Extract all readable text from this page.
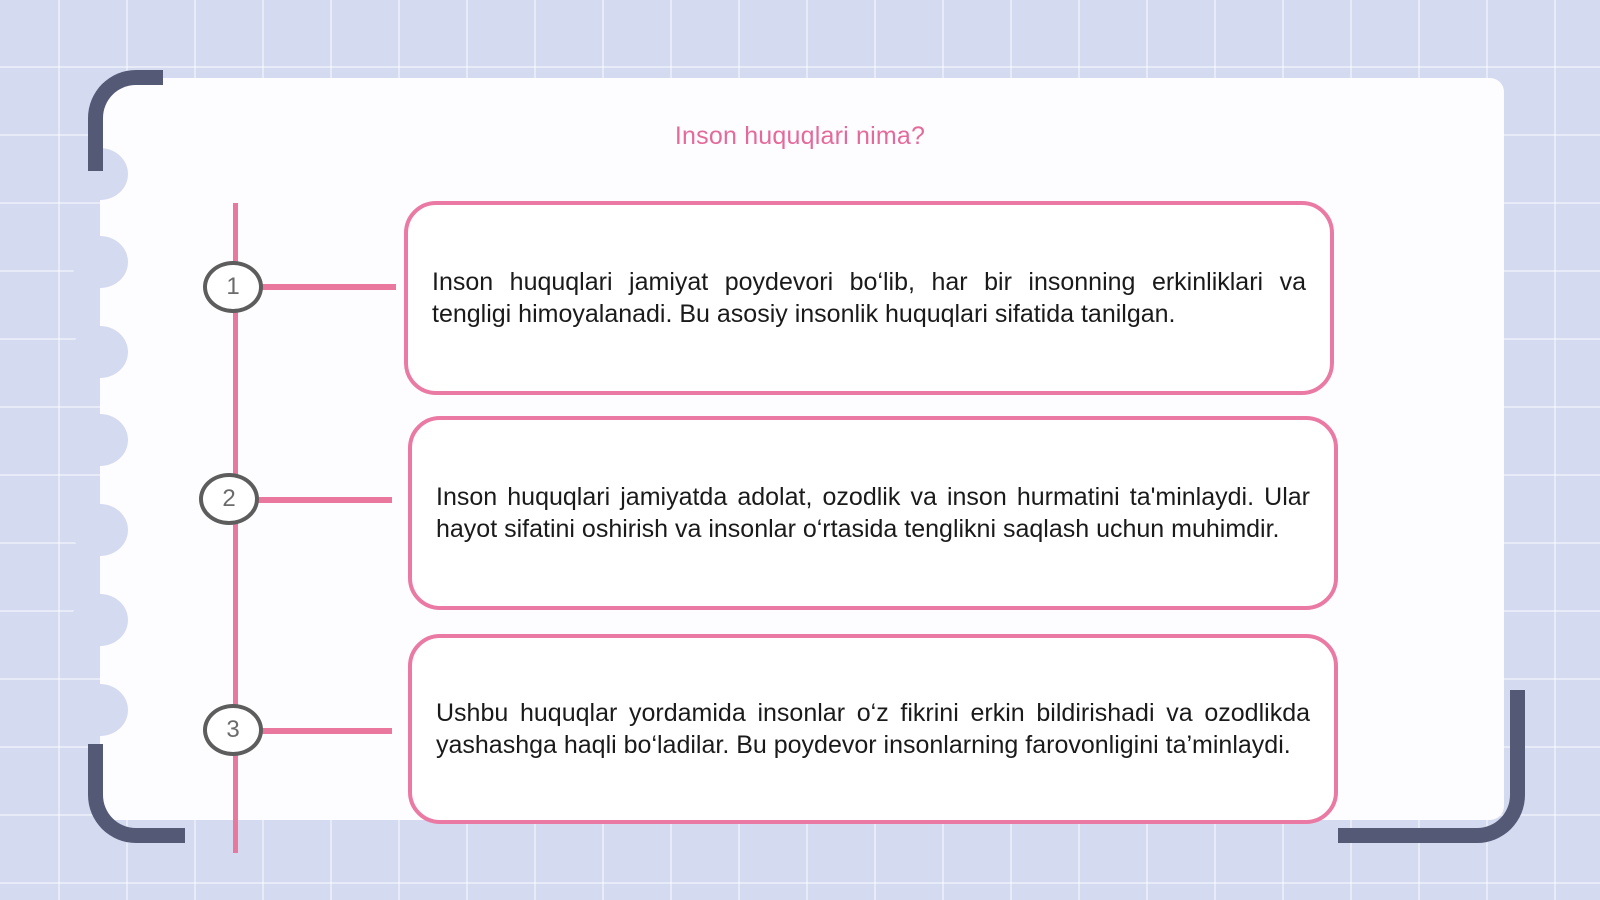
Inson huquqlari nima?
1
2
3

Inson huquqlari jamiyat poydevori bo‘lib, har bir insonning erkinliklari va tengligi himoyalanadi. Bu asosiy insonlik huquqlari sifatida tanilgan.

Inson huquqlari jamiyatda adolat, ozodlik va inson hurmatini ta'minlaydi. Ular hayot sifatini oshirish va insonlar o‘rtasida tenglikni saqlash uchun muhimdir.

Ushbu huquqlar yordamida insonlar o‘z fikrini erkin bildirishadi va ozodlikda yashashga haqli bo‘ladilar. Bu poydevor insonlarning farovonligini ta’minlaydi.
